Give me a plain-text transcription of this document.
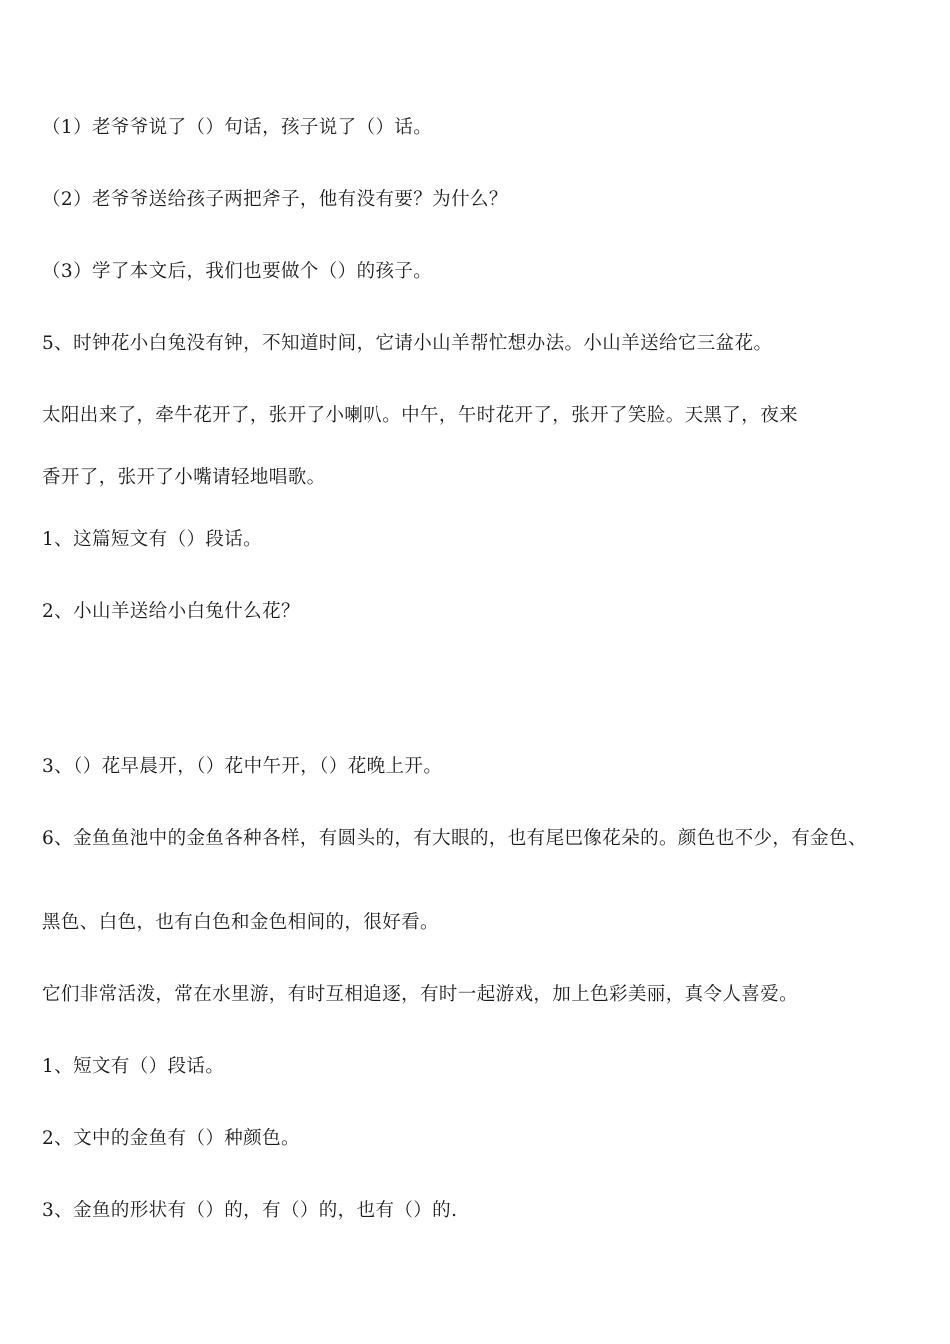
（1）老爷爷说了（）句话，孩子说了（）话。
（2）老爷爷送给孩子两把斧子，他有没有要？为什么？
（3）学了本文后，我们也要做个（）的孩子。
5、时钟花小白兔没有钟，不知道时间，它请小山羊帮忙想办法。小山羊送给它三盆花。
太阳出来了，牵牛花开了，张开了小喇叭。中午，午时花开了，张开了笑脸。天黑了，夜来
香开了，张开了小嘴请轻地唱歌。
1、这篇短文有（）段话。
2、小山羊送给小白兔什么花？
3、（）花早晨开，（）花中午开，（）花晚上开。
6、金鱼鱼池中的金鱼各种各样，有圆头的，有大眼的，也有尾巴像花朵的。颜色也不少，有金色、
黑色、白色，也有白色和金色相间的，很好看。
它们非常活泼，常在水里游，有时互相追逐，有时一起游戏，加上色彩美丽，真令人喜爱。
1、短文有（）段话。
2、文中的金鱼有（）种颜色。
3、金鱼的形状有（）的，有（）的，也有（）的.
